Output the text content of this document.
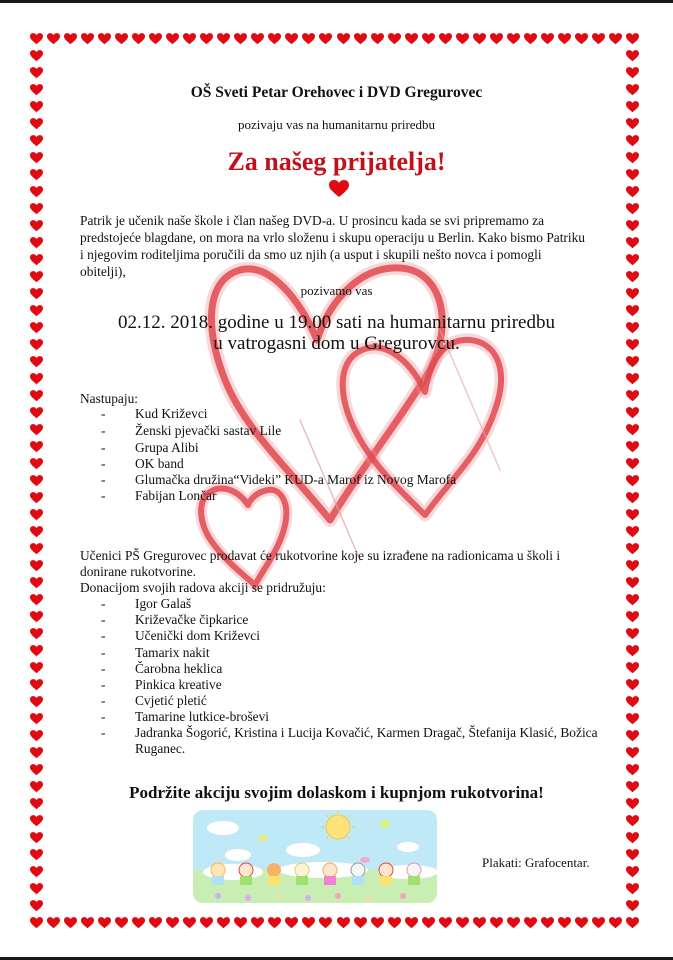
OŠ Sveti Petar Orehovec i DVD Gregurovec
pozivaju vas na humanitarnu priredbu
Za našeg prijatelja!
Patrik je učenik naše škole i član našeg DVD-a. U prosincu kada se svi pripremamo za
predstojeće blagdane, on mora na vrlo složenu i skupu operaciju u Berlin. Kako bismo Patriku
i njegovim roditeljima poručili da smo uz njih (a usput i skupili nešto novca i pomogli
obitelji),
pozivamo vas
02.12. 2018. godine u 19.00 sati na humanitarnu priredbu
u vatrogasni dom u Gregurovcu.
Nastupaju:
- Kud Križevci
- Ženski pjevački sastav Lile
- Grupa Alibi
- OK band
- Glumačka družina“Videki” KUD-a Marof iz Novog Marofa
- Fabijan Lončar
Učenici PŠ Gregurovec prodavat će rukotvorine koje su izrađene na radionicama u školi i
donirane rukotvorine.
Donacijom svojih radova akciji se pridružuju:
- Igor Galaš
- Križevačke čipkarice
- Učenički dom Križevci
- Tamarix nakit
- Čarobna heklica
- Pinkica kreative
- Cvjetić pletić
- Tamarine lutkice-broševi
- Jadranka Šogorić, Kristina i Lucija Kovačić, Karmen Dragač, Štefanija Klasić, Božica
Ruganec.
Podržite akciju svojim dolaskom i kupnjom rukotvorina!
Plakati: Grafocentar.
